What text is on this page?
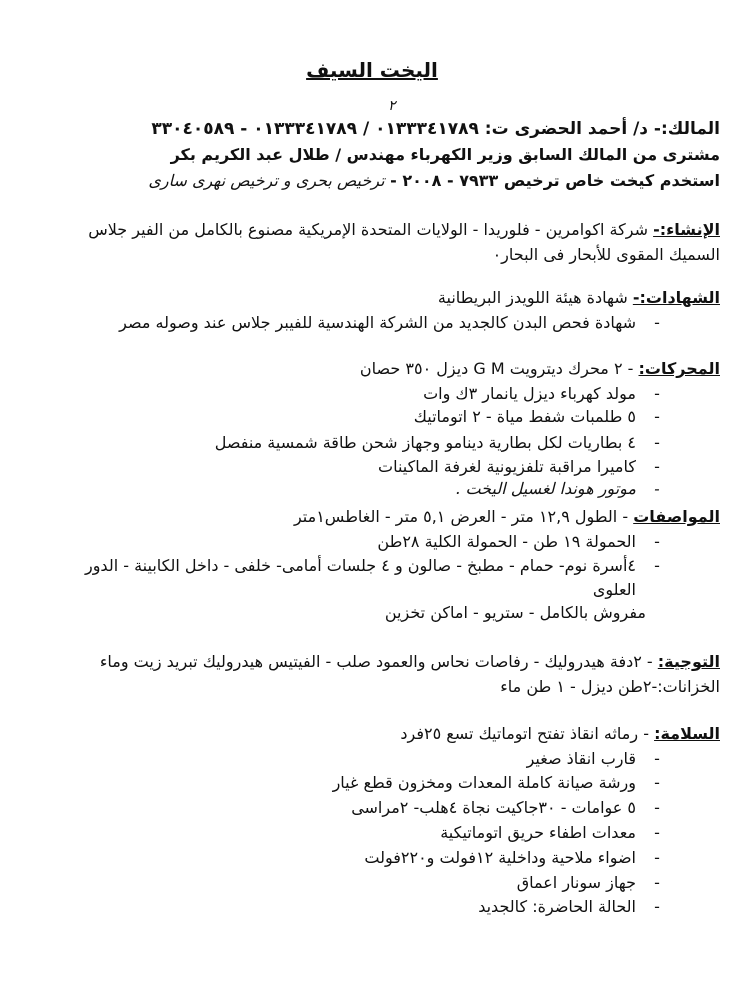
اليخت السيف
٢
المالك:- د/ أحمد الحضرى ت: ٠١٣٣٣٤١٧٨٩ / ٠١٣٣٣٤١٧٨٩ - ٣٣٠٤٠٥٨٩
مشترى من المالك السابق وزير الكهرباء مهندس / طلال عبد الكريم بكر
استخدم كيخت خاص ترخيص ٧٩٣٣ - ٢٠٠٨ - ترخيص بحرى و ترخيص نهرى سارى
الإنشاء:- شركة اكوامرين - فلوريدا - الولايات المتحدة الإمريكية مصنوع بالكامل من الفير جلاس
السميك المقوى للأبحار فى البحار٠
الشهادات:- شهادة هيئة اللويدز البريطانية
-
شهادة فحص البدن كالجديد من الشركة الهندسية للفيبر جلاس عند وصوله مصر
المحركات: - ٢ محرك ديترويت G M ديزل ٣٥٠ حصان
-
مولد كهرباء ديزل يانمار ٣ك وات
-
٥ طلمبات شفط مياة - ٢ اتوماتيك
-
٤ بطاريات لكل بطارية دينامو وجهاز شحن طاقة شمسية منفصل
-
كاميرا مراقبة تلفزيونية لغرفة الماكينات
-
موتور هوندا لغسيل اليخت .
المواصفات - الطول ١٢,٩ متر - العرض ٥,١ متر - الغاطس١متر
-
الحمولة ١٩ طن - الحمولة الكلية ٢٨طن
-
٤أسرة نوم- حمام - مطبخ - صالون و ٤ جلسات أمامى- خلفى - داخل الكابينة - الدور
العلوى
مفروش بالكامل - ستريو - اماكن تخزين
التوجية: - ٢دفة هيدروليك - رفاصات نحاس والعمود صلب - الفيتيس هيدروليك تبريد زيت وماء
الخزانات:-٢طن ديزل - ١ طن ماء
السلامة: - رماثه انقاذ تفتح اتوماتيك تسع ٢٥فرد
-
قارب انقاذ صغير
-
ورشة صيانة كاملة المعدات ومخزون قطع غيار
-
٥ عوامات - ٣٠جاكيت نجاة ٤هلب- ٢مراسى
-
معدات اطفاء حريق اتوماتيكية
-
اضواء ملاحية وداخلية ١٢فولت و٢٢٠فولت
-
جهاز سونار اعماق
-
الحالة الحاضرة: كالجديد
